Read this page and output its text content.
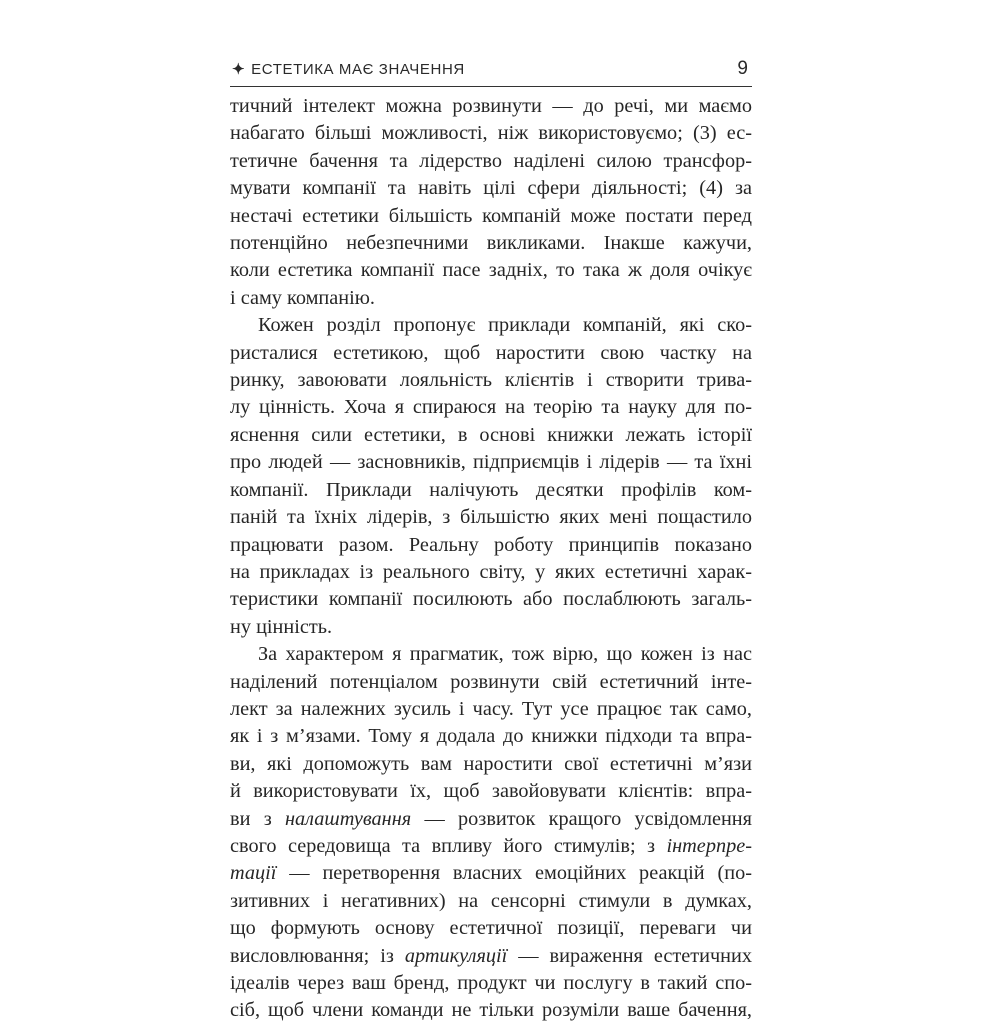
✦ ЕСТЕТИКА МАЄ ЗНАЧЕННЯ	9
тичний інтелект можна розвинути — до речі, ми маємо
набагато більші можливості, ніж використовуємо; (3) ес-
тетичне бачення та лідерство наділені силою трансфор-
мувати компанії та навіть цілі сфери діяльності; (4) за
нестачі естетики більшість компаній може постати перед
потенційно небезпечними викликами. Інакше кажучи,
коли естетика компанії пасе задніх, то така ж доля очікує
і саму компанію.
Кожен розділ пропонує приклади компаній, які ско-
ристалися естетикою, щоб наростити свою частку на
ринку, завоювати лояльність клієнтів і створити трива-
лу цінність. Хоча я спираюся на теорію та науку для по-
яснення сили естетики, в основі книжки лежать історії
про людей — засновників, підприємців і лідерів — та їхні
компанії. Приклади налічують десятки профілів ком-
паній та їхніх лідерів, з більшістю яких мені пощастило
працювати разом. Реальну роботу принципів показано
на прикладах із реального світу, у яких естетичні харак-
теристики компанії посилюють або послаблюють загаль-
ну цінність.
За характером я прагматик, тож вірю, що кожен із нас
наділений потенціалом розвинути свій естетичний інте-
лект за належних зусиль і часу. Тут усе працює так само,
як і з м’язами. Тому я додала до книжки підходи та впра-
ви, які допоможуть вам наростити свої естетичні м’язи
й використовувати їх, щоб завойовувати клієнтів: впра-
ви з налаштування — розвиток кращого усвідомлення
свого середовища та впливу його стимулів; з інтерпре-
тації — перетворення власних емоційних реакцій (по-
зитивних і негативних) на сенсорні стимули в думках,
що формують основу естетичної позиції, переваги чи
висловлювання; із артикуляції — вираження естетичних
ідеалів через ваш бренд, продукт чи послугу в такий спо-
сіб, щоб члени команди не тільки розуміли ваше бачення,
